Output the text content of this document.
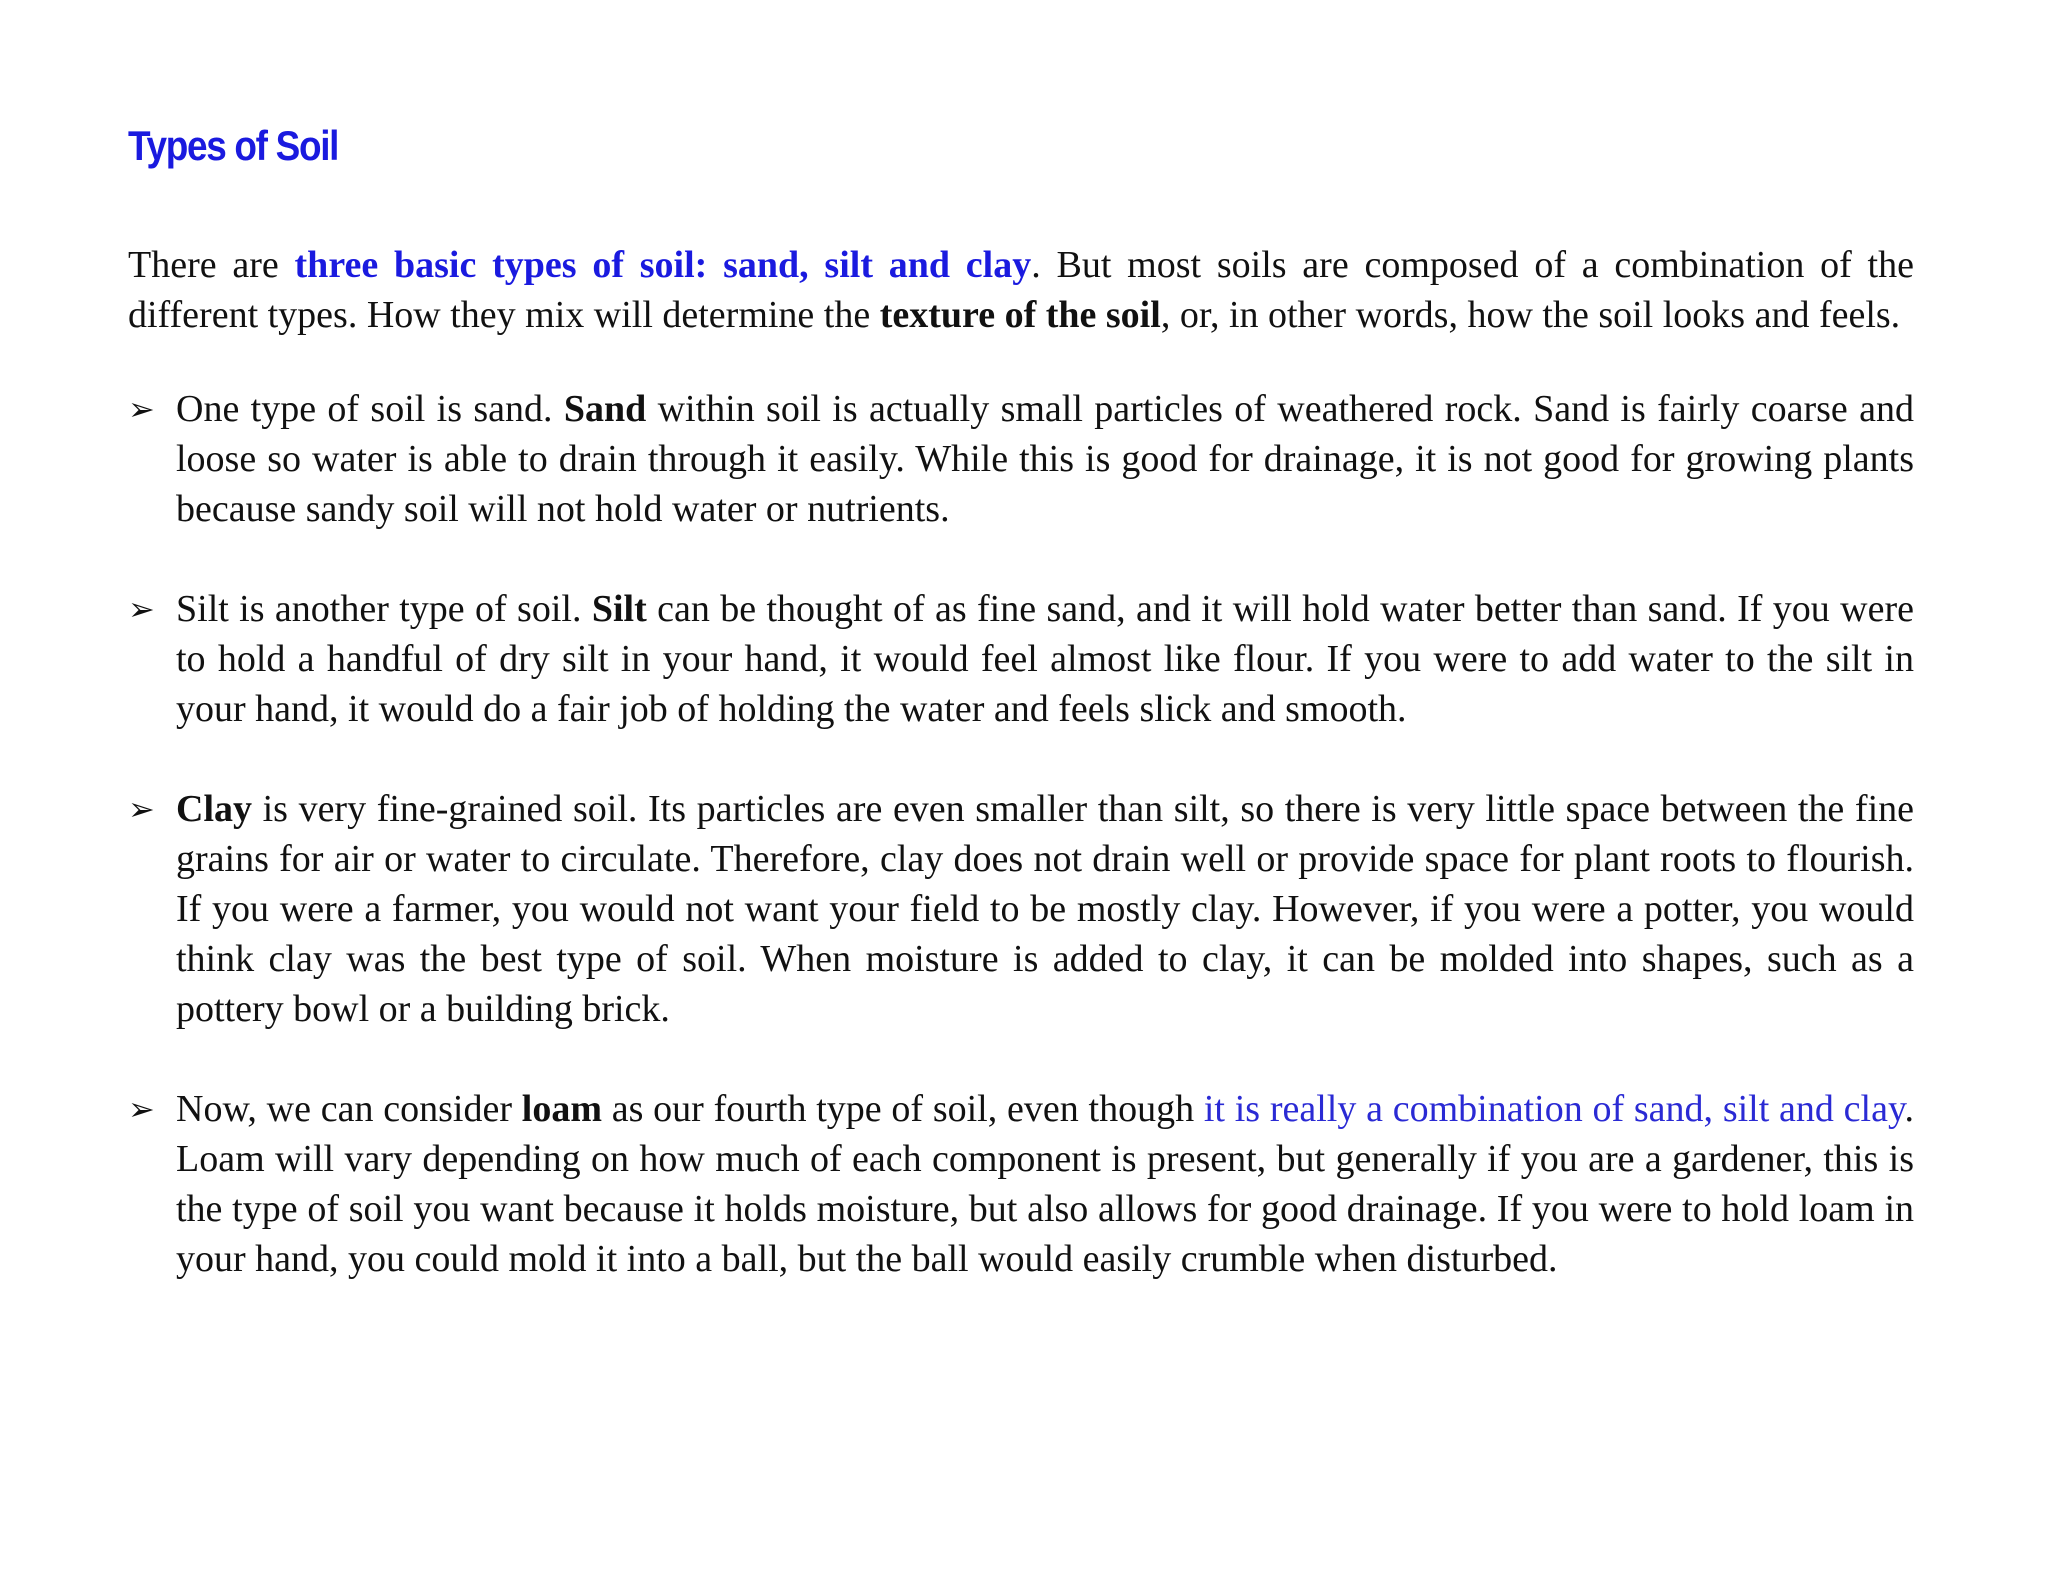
Types of Soil

There are three basic types of soil: sand, silt and clay. But most soils are composed of a combination of the different types. How they mix will determine the texture of the soil, or, in other words, how the soil looks and feels.

➢ One type of soil is sand. Sand within soil is actually small particles of weathered rock. Sand is fairly coarse and loose so water is able to drain through it easily. While this is good for drainage, it is not good for growing plants because sandy soil will not hold water or nutrients.
➢ Silt is another type of soil. Silt can be thought of as fine sand, and it will hold water better than sand. If you were to hold a handful of dry silt in your hand, it would feel almost like flour. If you were to add water to the silt in your hand, it would do a fair job of holding the water and feels slick and smooth.
➢ Clay is very fine-grained soil. Its particles are even smaller than silt, so there is very little space between the fine grains for air or water to circulate. Therefore, clay does not drain well or provide space for plant roots to flourish. If you were a farmer, you would not want your field to be mostly clay. However, if you were a potter, you would think clay was the best type of soil. When moisture is added to clay, it can be molded into shapes, such as a pottery bowl or a building brick.
➢ Now, we can consider loam as our fourth type of soil, even though it is really a combination of sand, silt and clay. Loam will vary depending on how much of each component is present, but generally if you are a gardener, this is the type of soil you want because it holds moisture, but also allows for good drainage. If you were to hold loam in your hand, you could mold it into a ball, but the ball would easily crumble when disturbed.
